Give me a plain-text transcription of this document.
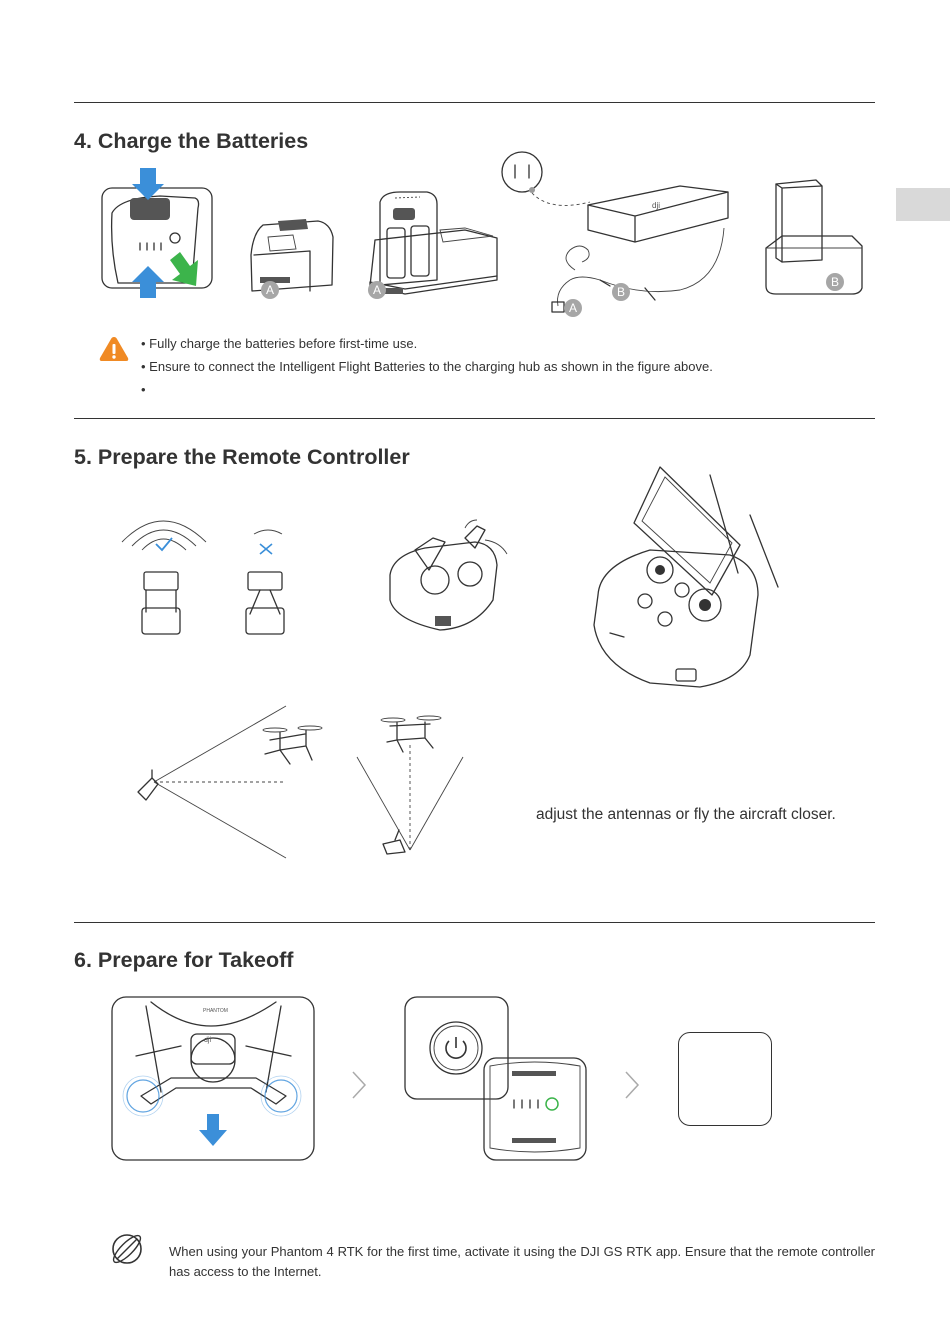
4. Charge the Batteries
A	A
dji
B
A
B
• Fully charge the batteries before first-time use.
• Ensure to connect the Intelligent Flight Batteries to the charging hub as shown in the figure above.
•
5. Prepare the Remote Controller
adjust the antennas or fly the aircraft closer.
6. Prepare for Takeoff
dji
PHANTOM
When using your Phantom 4 RTK for the first time, activate it using the DJI GS RTK app. Ensure that the remote controller has access to the Internet.
